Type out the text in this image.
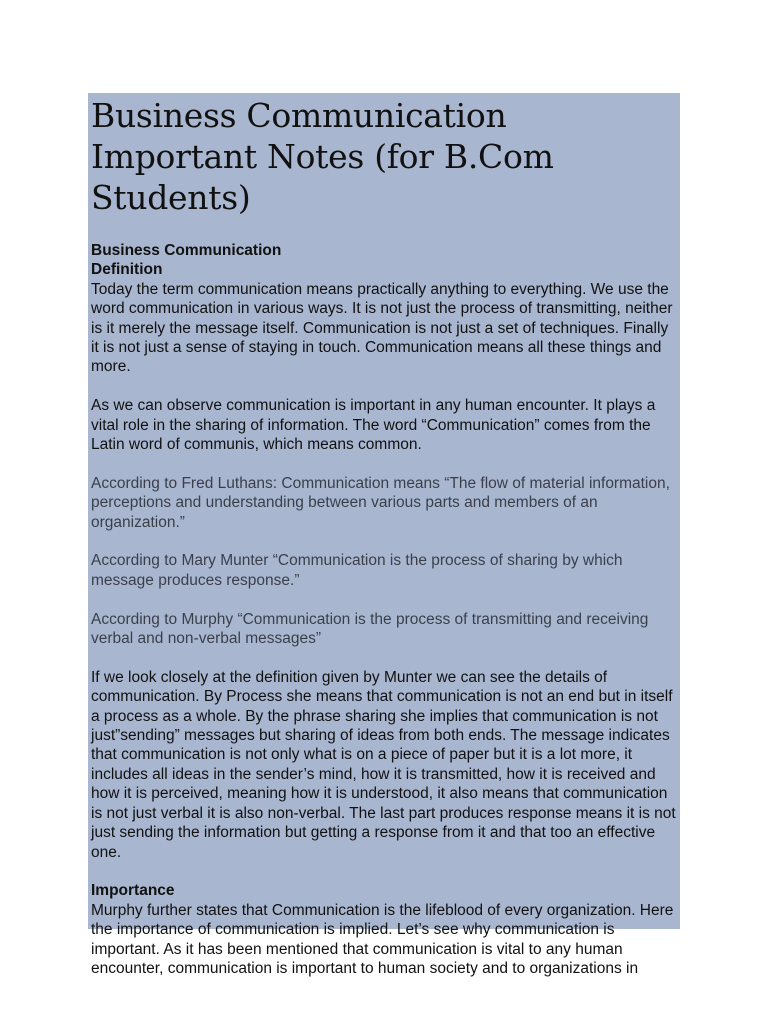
Business Communication Important Notes (for B.Com Students)
Business Communication
Definition

Today the term communication means practically anything to everything. We use the word communication in various ways. It is not just the process of transmitting, neither is it merely the message itself. Communication is not just a set of techniques. Finally it is not just a sense of staying in touch. Communication means all these things and more.

As we can observe communication is important in any human encounter. It plays a vital role in the sharing of information. The word “Communication” comes from the Latin word of communis, which means common.

According to Fred Luthans: Communication means “The flow of material information, perceptions and understanding between various parts and members of an organization.”

According to Mary Munter “Communication is the process of sharing by which message produces response.”

According to Murphy “Communication is the process of transmitting and receiving verbal and non-verbal messages”

If we look closely at the definition given by Munter we can see the details of communication. By Process she means that communication is not an end but in itself a process as a whole. By the phrase sharing she implies that communication is not just”sending” messages but sharing of ideas from both ends. The message indicates that communication is not only what is on a piece of paper but it is a lot more, it includes all ideas in the sender’s mind, how it is transmitted, how it is received and how it is perceived, meaning how it is understood, it also means that communication is not just verbal it is also non-verbal. The last part produces response means it is not just sending the information but getting a response from it and that too an effective one.

Importance

Murphy further states that Communication is the lifeblood of every organization. Here the importance of communication is implied. Let’s see why communication is important. As it has been mentioned that communication is vital to any human encounter, communication is important to human society and to organizations in
